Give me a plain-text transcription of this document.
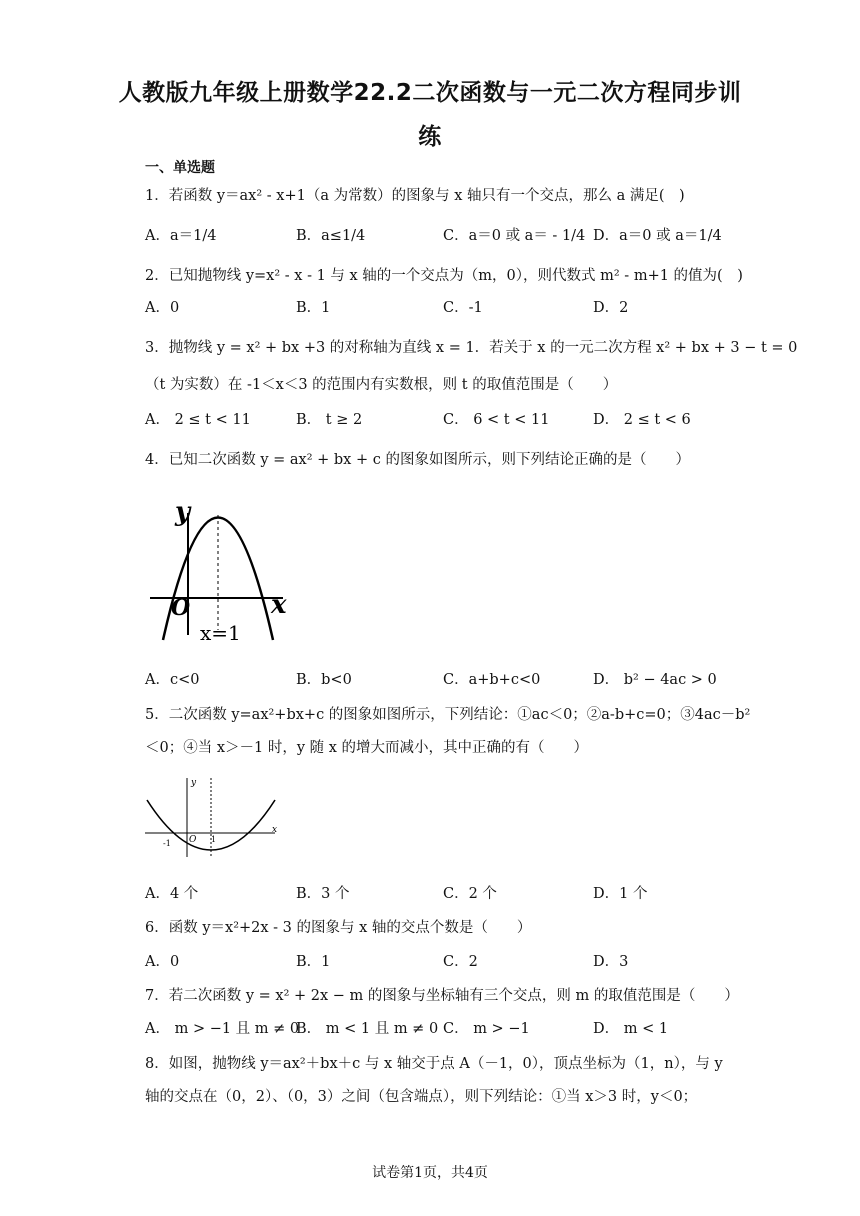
人教版九年级上册数学22.2二次函数与一元二次方程同步训
练
一、单选题
1．若函数 y＝ax² - x+1（a 为常数）的图象与 x 轴只有一个交点，那么 a 满足(　)
A．a＝1/4	B．a≤1/4	C．a＝0 或 a＝ - 1/4 D．a＝0 或 a＝1/4
2．已知抛物线 y=x² - x - 1 与 x 轴的一个交点为（m，0），则代数式 m² - m+1 的值为(　)
A．0	B．1	C．-1	D．2
3．抛物线 y = x² + bx +3 的对称轴为直线 x = 1．若关于 x 的一元二次方程 x² + bx + 3 − t = 0
（t 为实数）在 -1＜x＜3 的范围内有实数根，则 t 的取值范围是（　　）
A． 2 ≤ t < 11	B． t ≥ 2	C． 6 < t < 11	D． 2 ≤ t < 6
4．已知二次函数 y = ax² + bx + c 的图象如图所示，则下列结论正确的是（　　）
y
x
O
x=1
A．c<0	B．b<0	C．a+b+c<0	D． b² − 4ac > 0
5．二次函数 y=ax²+bx+c 的图象如图所示，下列结论：①ac＜0；②a-b+c=0；③4ac－b²
＜0；④当 x＞－1 时，y 随 x 的增大而减小，其中正确的有（　　）
y
x
O
-1	1
A．4 个	B．3 个	C．2 个	D．1 个
6．函数 y＝x²+2x - 3 的图象与 x 轴的交点个数是（　　）
A．0	B．1	C．2	D．3
7．若二次函数 y = x² + 2x − m 的图象与坐标轴有三个交点，则 m 的取值范围是（　　）
A． m > −1 且 m ≠ 0
B． m < 1 且 m ≠ 0 C． m > −1	D． m < 1
8．如图，抛物线 y＝ax²＋bx＋c 与 x 轴交于点 A（－1，0），顶点坐标为（1，n），与 y
轴的交点在（0，2）、（0，3）之间（包含端点），则下列结论：①当 x＞3 时，y＜0；
试卷第1页，共4页
